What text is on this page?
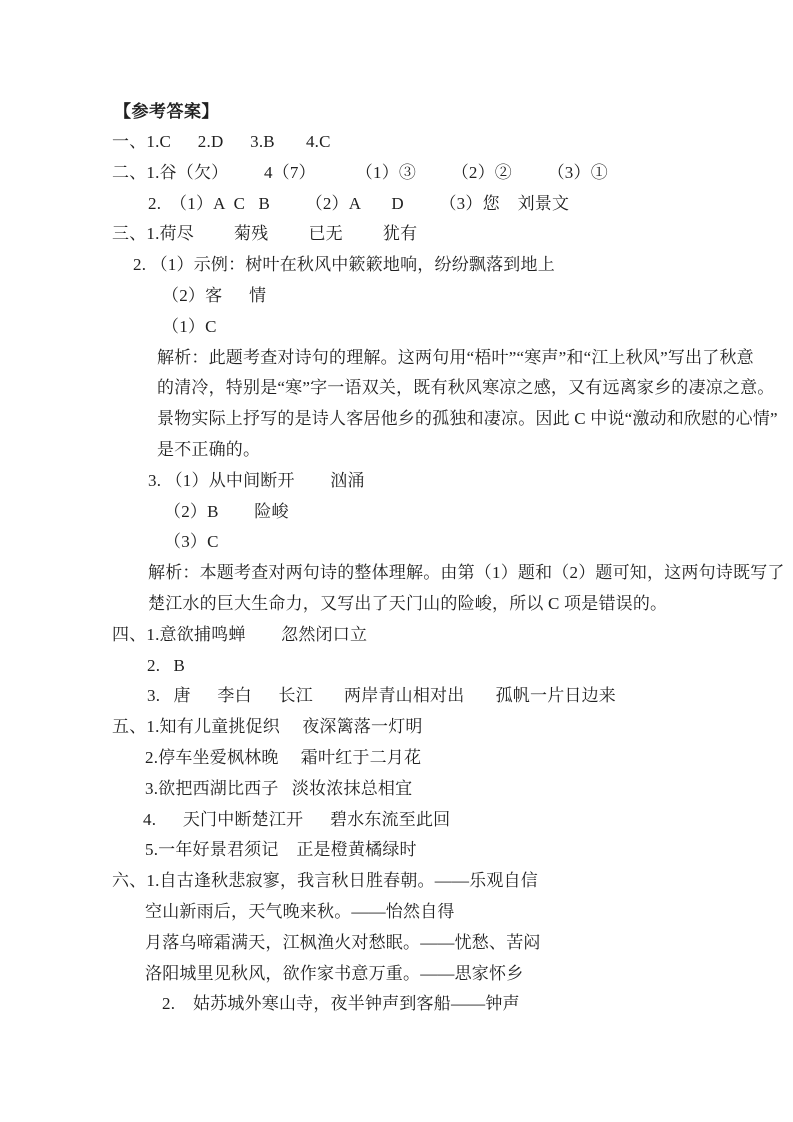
【参考答案】
一、1.C      2.D      3.B       4.C
二、1.谷（欠）        4（7）         （1）③        （2）②        （3）①
2.  （1）A  C   B        （2）A       D        （3）您    刘景文
三、1.荷尽         菊残         已无         犹有
2. （1）示例：树叶在秋风中簌簌地响，纷纷飘落到地上
（2）客      情
（1）C
解析：此题考查对诗句的理解。这两句用“梧叶”“寒声”和“江上秋风”写出了秋意
的清冷，特别是“寒”字一语双关，既有秋风寒凉之感，又有远离家乡的凄凉之意。
景物实际上抒写的是诗人客居他乡的孤独和凄凉。因此 C 中说“激动和欣慰的心情”
是不正确的。
3. （1）从中间断开        汹涌
（2）B        险峻
（3）C
解析：本题考查对两句诗的整体理解。由第（1）题和（2）题可知，这两句诗既写了
楚江水的巨大生命力，又写出了天门山的险峻，所以 C 项是错误的。
四、1.意欲捕鸣蝉        忽然闭口立
2.   B
3.   唐      李白      长江       两岸青山相对出       孤帆一片日边来
五、1.知有儿童挑促织     夜深篱落一灯明
2.停车坐爱枫林晚     霜叶红于二月花
3.欲把西湖比西子   淡妆浓抹总相宜
4.      天门中断楚江开      碧水东流至此回
5.一年好景君须记    正是橙黄橘绿时
六、1.自古逢秋悲寂寥，我言秋日胜春朝。——乐观自信
空山新雨后，天气晚来秋。——怡然自得
月落乌啼霜满天，江枫渔火对愁眠。——忧愁、苦闷
洛阳城里见秋风，欲作家书意万重。——思家怀乡
2.    姑苏城外寒山寺，夜半钟声到客船——钟声
